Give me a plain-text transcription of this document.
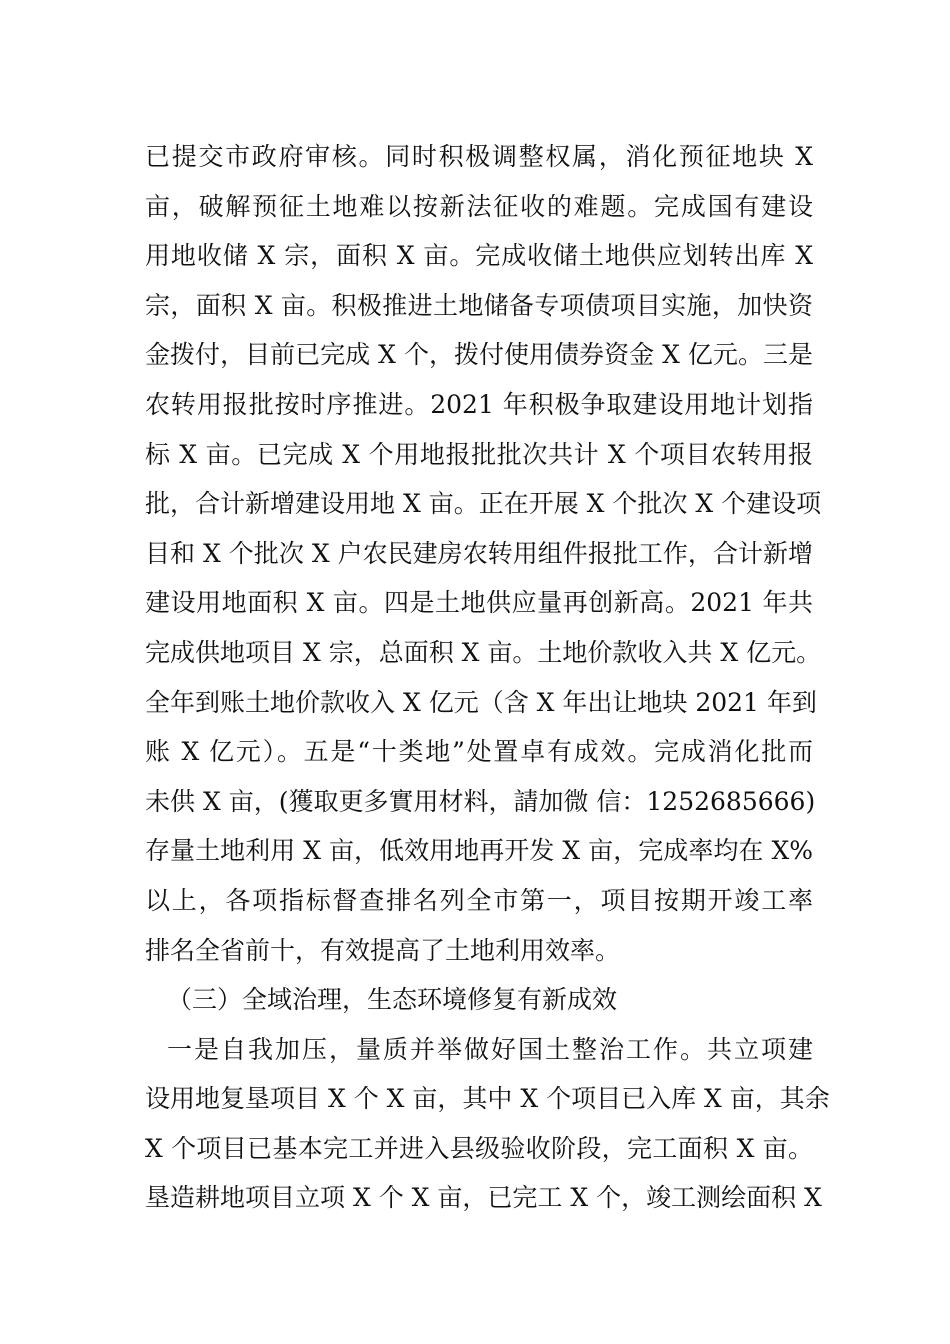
已提交市政府审核。同时积极调整权属，消化预征地块 X
亩，破解预征土地难以按新法征收的难题。完成国有建设
用地收储 X 宗，面积 X 亩。完成收储土地供应划转出库 X
宗，面积 X 亩。积极推进土地储备专项债项目实施，加快资
金拨付，目前已完成 X 个，拨付使用债券资金 X 亿元。三是
农转用报批按时序推进。2021 年积极争取建设用地计划指
标 X 亩。已完成 X 个用地报批批次共计 X 个项目农转用报
批，合计新增建设用地 X 亩。正在开展 X 个批次 X 个建设项
目和 X 个批次 X 户农民建房农转用组件报批工作，合计新增
建设用地面积 X 亩。四是土地供应量再创新高。2021 年共
完成供地项目 X 宗，总面积 X 亩。土地价款收入共 X 亿元。
全年到账土地价款收入 X 亿元（含 X 年出让地块 2021 年到
账 X 亿元）。五是“十类地”处置卓有成效。完成消化批而
未供 X 亩，(獲取更多實用材料，請加微 信：1252685666)
存量土地利用 X 亩，低效用地再开发 X 亩，完成率均在 X%
以上，各项指标督查排名列全市第一，项目按期开竣工率
排名全省前十，有效提高了土地利用效率。
（三）全域治理，生态环境修复有新成效
一是自我加压，量质并举做好国土整治工作。共立项建
设用地复垦项目 X 个 X 亩，其中 X 个项目已入库 X 亩，其余
X 个项目已基本完工并进入县级验收阶段，完工面积 X 亩。
垦造耕地项目立项 X 个 X 亩，已完工 X 个，竣工测绘面积 X
